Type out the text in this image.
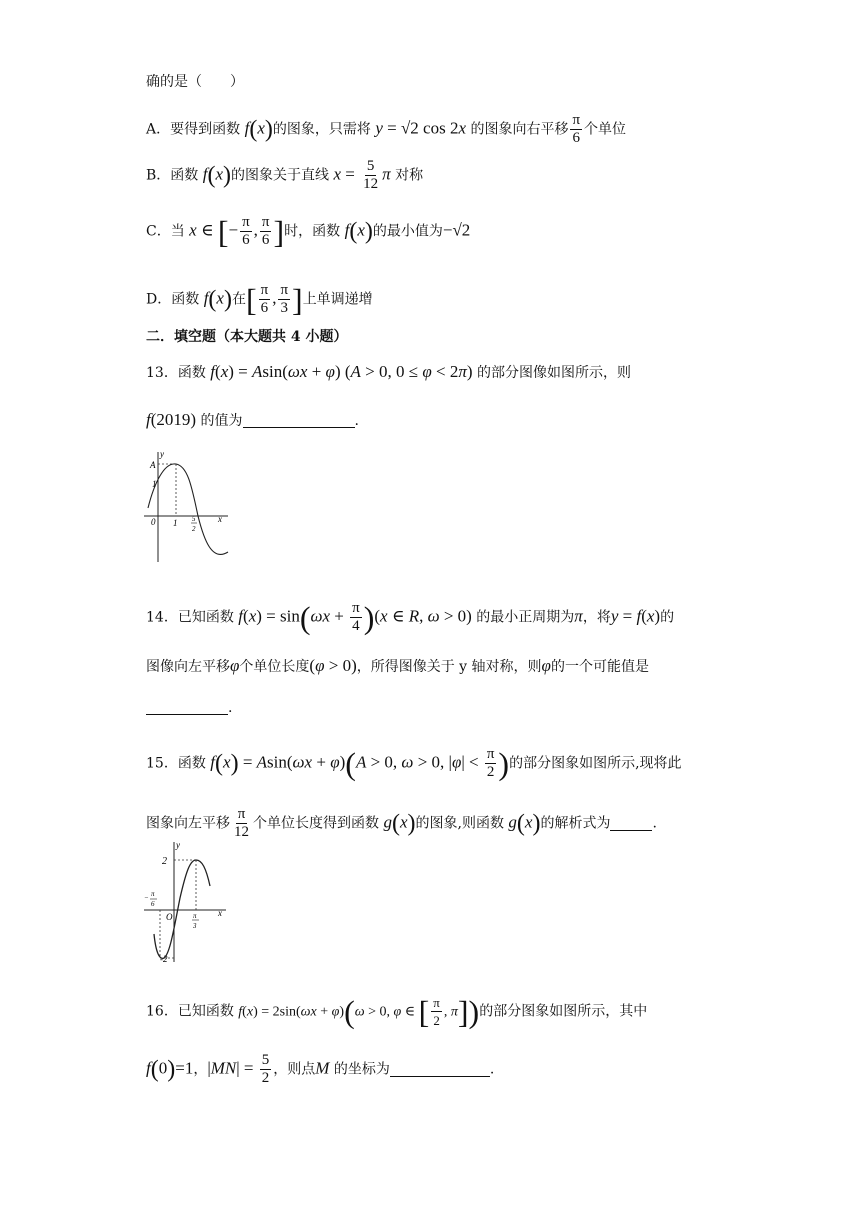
确的是（　　）
A．要得到函数 f(x)的图象，只需将 y = √2 cos 2x 的图象向右平移 $\frac{\pi}{6}$ 个单位
B．函数 f(x)的图象关于直线 $x = \frac{5}{12}$ π 对称
C．当 x ∈ [− $\frac{\pi}{6}$ , $\frac{\pi}{6}$ ]时，函数 f(x)的最小值为−√2
D．函数 f(x)在[ $\frac{\pi}{6}$ , $\frac{\pi}{3}$ ]上单调递增
二．填空题（本大题共 4 小题）
13．函数 f(x) = Asin(ωx + φ) (A > 0, 0 ≤ φ < 2π) 的部分图像如图所示，则
f(2019) 的值为	.
y
x
A
1
0 1 5
2
14．已知函数 $f(x) = \sin(\omega x + \frac{\pi}{4} )(x$ ∈ R, ω > 0) 的最小正周期为π，将y = f(x)的
图像向左平移φ个单位长度(φ > 0)，所得图像关于 y 轴对称，则φ的一个可能值是
.
15．函数 f(x) = Asin(ωx + φ)(A > 0, ω > 0, $|\varphi| < \frac{\pi}{2}$ )的部分图象如图所示,现将此
图象向左平移 $\frac{\pi}{12}$ 个单位长度得到函数 g(x)的图象,则函数 g(x)的解析式为	.
y
x
2
-2
O
− π
6
π
3
16．已知函数 f(x) = 2sin(ωx + φ)(ω > 0, φ ∈ [ $\frac{\pi}{2}$ , π])的部分图象如图所示，其中
f(0)=1，$|MN| = \frac{5}{2}$ ，则点M 的坐标为	.
